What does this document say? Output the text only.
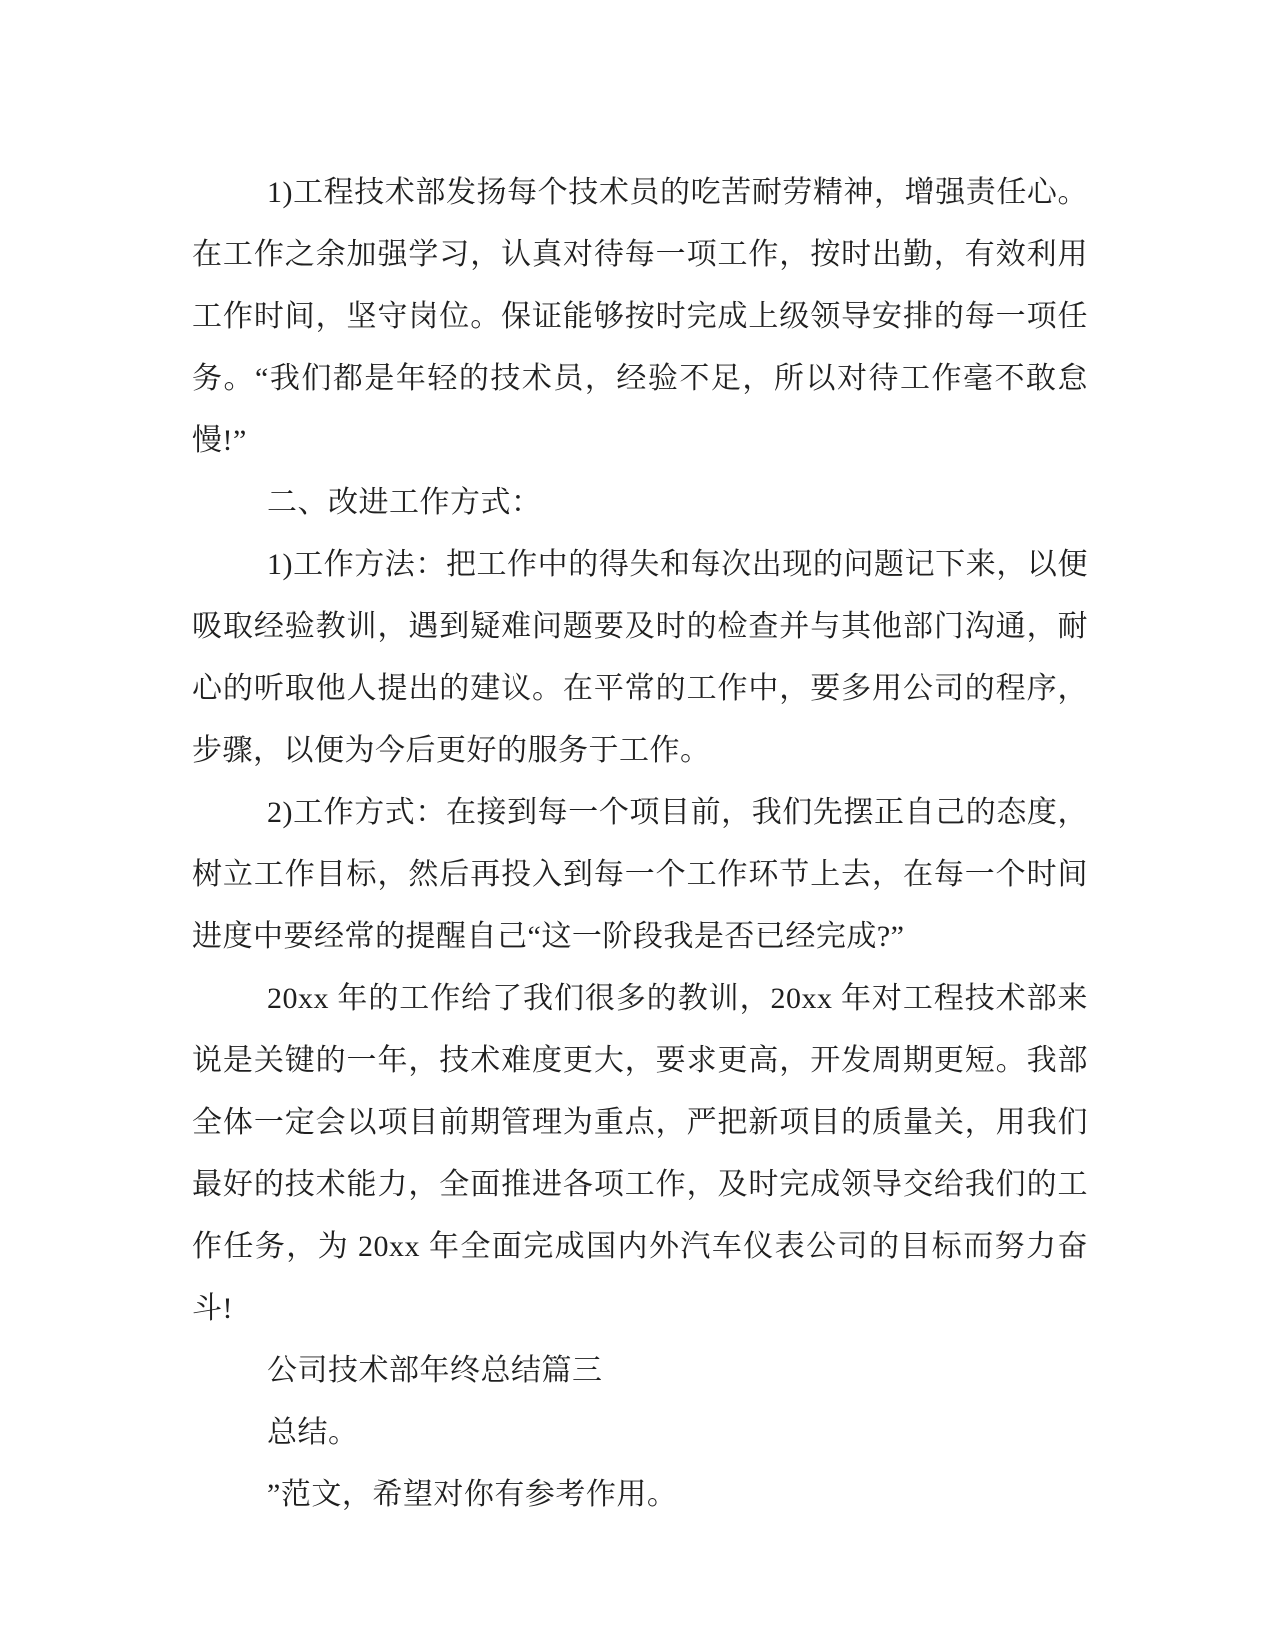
1)工程技术部发扬每个技术员的吃苦耐劳精神，增强责任心。在工作之余加强学习，认真对待每一项工作，按时出勤，有效利用工作时间，坚守岗位。保证能够按时完成上级领导安排的每一项任务。“我们都是年轻的技术员，经验不足，所以对待工作毫不敢怠慢!”

二、改进工作方式：

1)工作方法：把工作中的得失和每次出现的问题记下来，以便吸取经验教训，遇到疑难问题要及时的检查并与其他部门沟通，耐心的听取他人提出的建议。在平常的工作中，要多用公司的程序，步骤，以便为今后更好的服务于工作。

2)工作方式：在接到每一个项目前，我们先摆正自己的态度，树立工作目标，然后再投入到每一个工作环节上去，在每一个时间进度中要经常的提醒自己“这一阶段我是否已经完成?”

20xx 年的工作给了我们很多的教训，20xx 年对工程技术部来说是关键的一年，技术难度更大，要求更高，开发周期更短。我部全体一定会以项目前期管理为重点，严把新项目的质量关，用我们最好的技术能力，全面推进各项工作，及时完成领导交给我们的工作任务，为 20xx 年全面完成国内外汽车仪表公司的目标而努力奋斗!

公司技术部年终总结篇三

总结。

”范文，希望对你有参考作用。
